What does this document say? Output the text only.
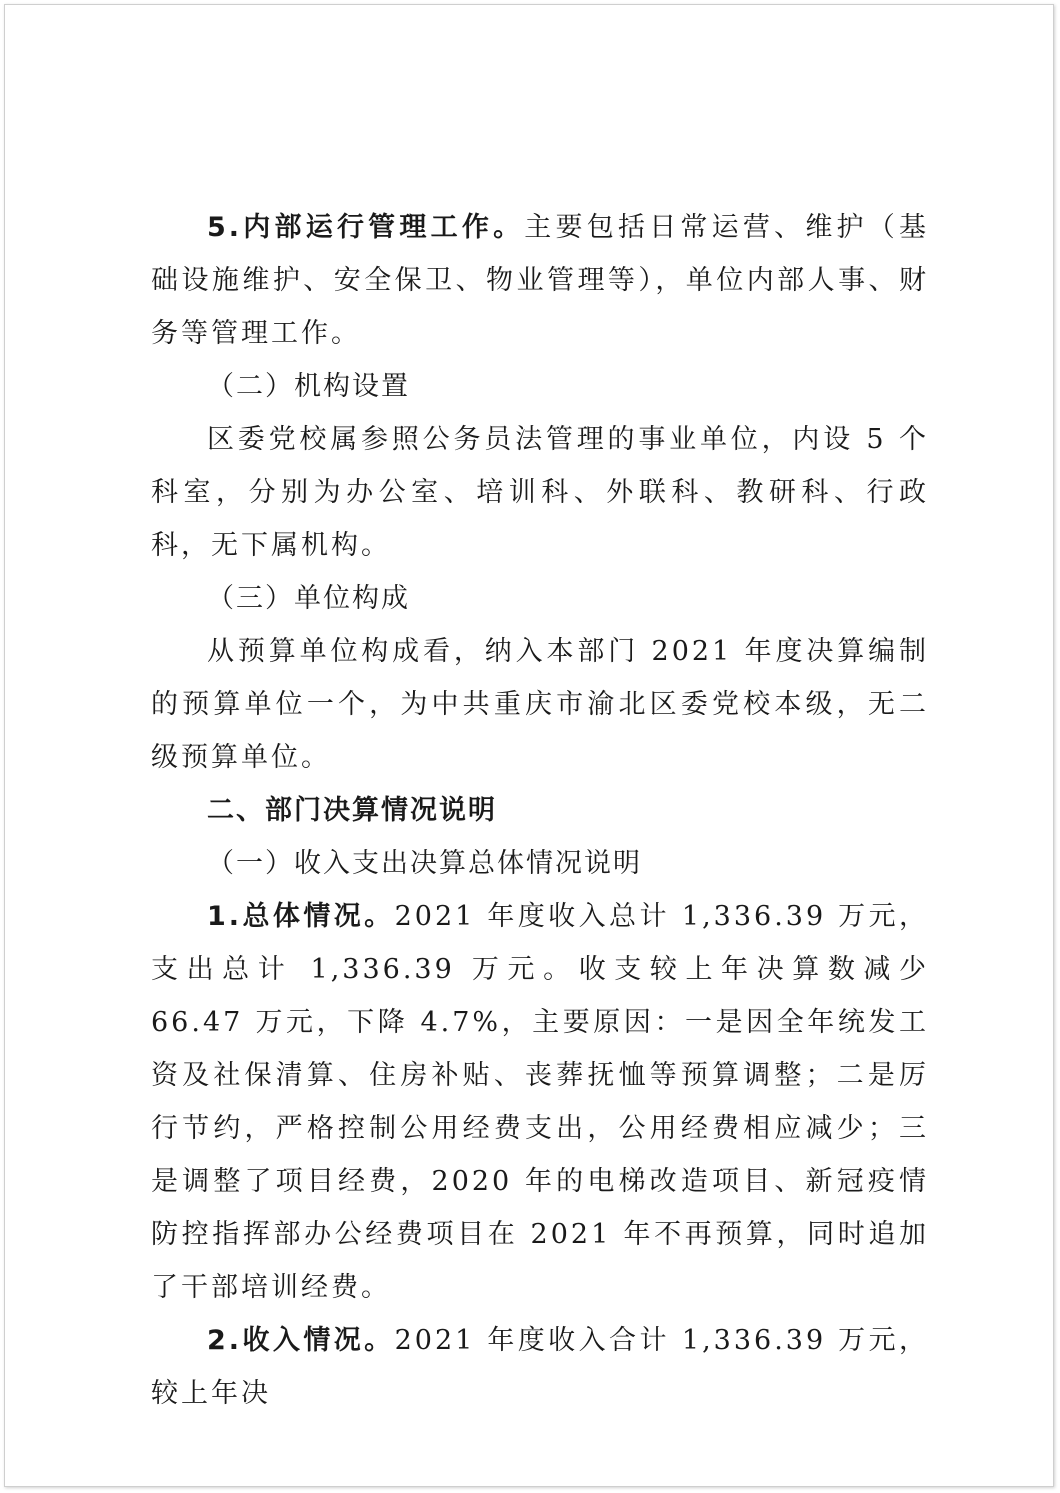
5.内部运行管理工作。主要包括日常运营、维护（基础设施维护、安全保卫、物业管理等），单位内部人事、财务等管理工作。

（二）机构设置

区委党校属参照公务员法管理的事业单位，内设 5 个科室，分别为办公室、培训科、外联科、教研科、行政科，无下属机构。

（三）单位构成

从预算单位构成看，纳入本部门 2021 年度决算编制的预算单位一个，为中共重庆市渝北区委党校本级，无二级预算单位。

二、部门决算情况说明

（一）收入支出决算总体情况说明

1.总体情况。2021 年度收入总计 1,336.39 万元，支出总计 1,336.39 万元。收支较上年决算数减少 66.47 万元，下降 4.7%，主要原因：一是因全年统发工资及社保清算、住房补贴、丧葬抚恤等预算调整；二是厉行节约，严格控制公用经费支出，公用经费相应减少；三是调整了项目经费，2020 年的电梯改造项目、新冠疫情防控指挥部办公经费项目在 2021 年不再预算，同时追加了干部培训经费。

2.收入情况。2021 年度收入合计 1,336.39 万元，较上年决
